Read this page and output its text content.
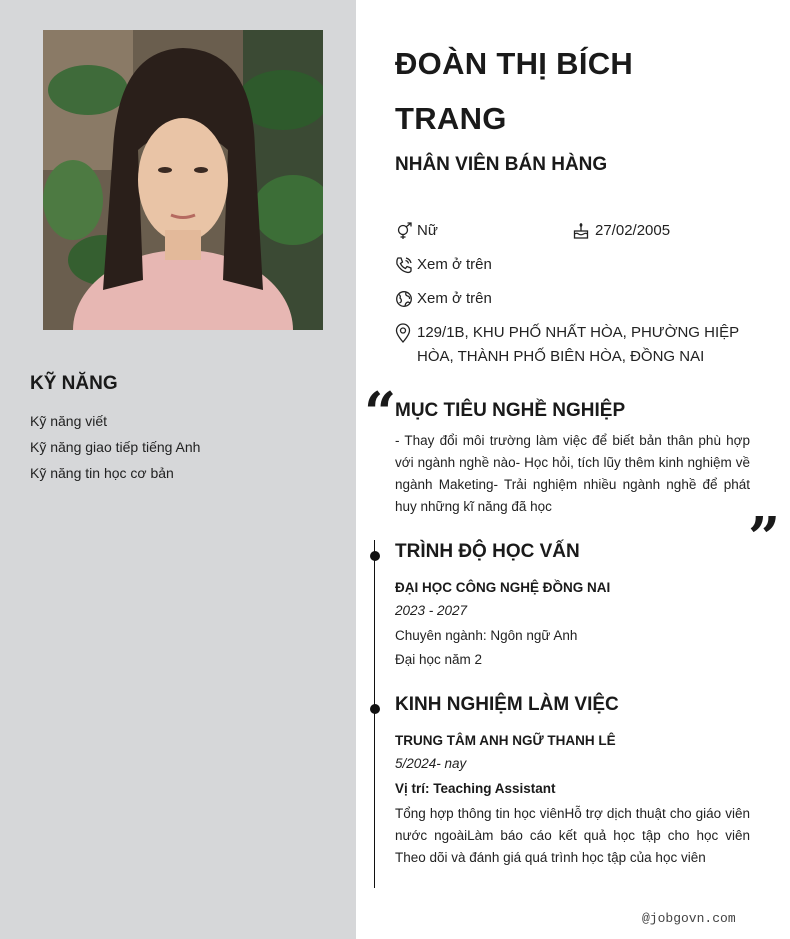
KỸ NĂNG
Kỹ năng viết
Kỹ năng giao tiếp tiếng Anh
Kỹ năng tin học cơ bản
ĐOÀN THỊ BÍCH TRANG
NHÂN VIÊN BÁN HÀNG
Nữ	27/02/2005
Xem ở trên
Xem ở trên
129/1B, KHU PHỐ NHẤT HÒA, PHƯỜNG HIỆP HÒA, THÀNH PHỐ BIÊN HÒA, ĐỒNG NAI
“
MỤC TIÊU NGHỀ NGHIỆP
- Thay đổi môi trường làm việc để biết bản thân phù hợp với ngành nghề nào- Học hỏi, tích lũy thêm kinh nghiệm về ngành Maketing- Trải nghiệm nhiều ngành nghề để phát huy những kĩ năng đã học	”
TRÌNH ĐỘ HỌC VẤN
ĐẠI HỌC CÔNG NGHỆ ĐỒNG NAI
2023 - 2027
Chuyên ngành: Ngôn ngữ Anh
Đại học năm 2
KINH NGHIỆM LÀM VIỆC
TRUNG TÂM ANH NGỮ THANH LÊ
5/2024- nay
Vị trí: Teaching Assistant
Tổng hợp thông tin học viênHỗ trợ dịch thuật cho giáo viên nước ngoàiLàm báo cáo kết quả học tập cho học viên Theo dõi và đánh giá quá trình học tập của học viên
@jobgovn.com
